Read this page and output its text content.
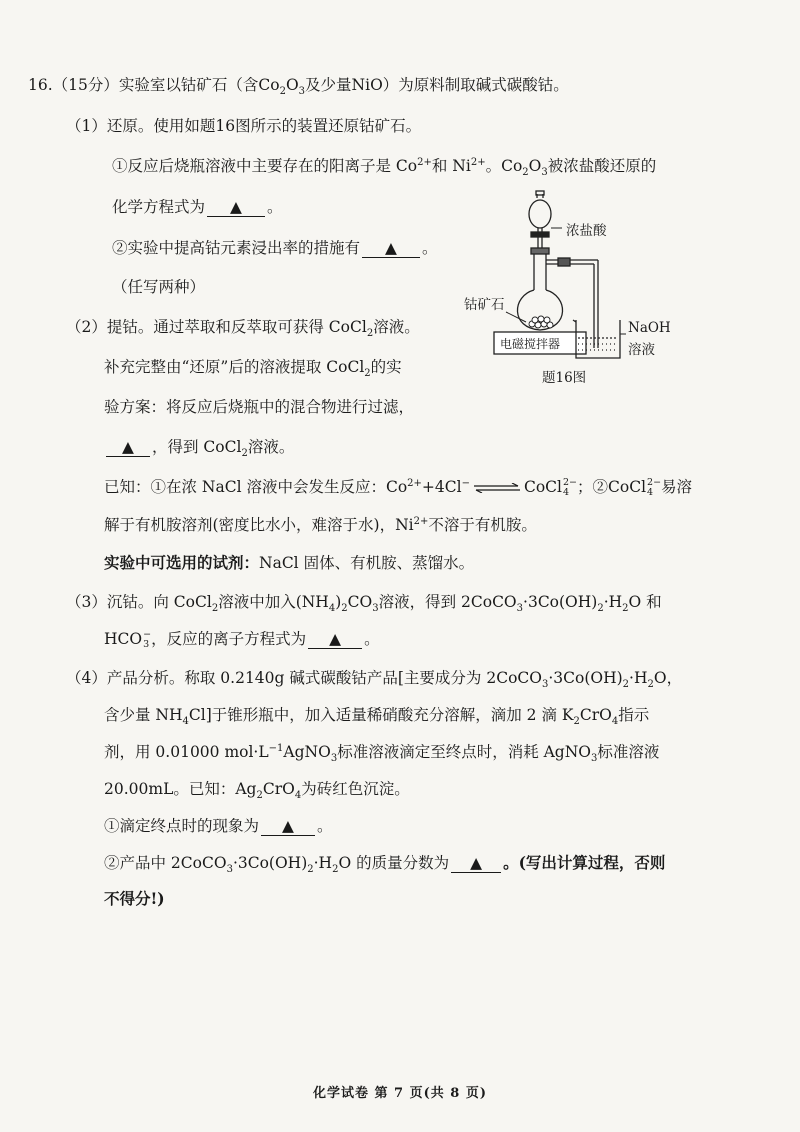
16.（15分）实验室以钴矿石（含$Co_2O_3$及少量NiO）为原料制取碱式碳酸钴。
（1）还原。使用如题16图所示的装置还原钴矿石。
①反应后烧瓶溶液中主要存在的阳离子是 $Co^{2+}$和 $Ni^{2+}$。$Co_2O_3$被浓盐酸还原的
化学方程式为 ▲ 。
②实验中提高钴元素浸出率的措施有 ▲ 。
（任写两种）
（2）提钴。通过萃取和反萃取可获得 CoCl$_2$溶液。
补充完整由“还原”后的溶液提取 CoCl$_2$的实
验方案：将反应后烧瓶中的混合物进行过滤，
▲ ，得到 CoCl$_2$溶液。
已知：①在浓 NaCl 溶液中会发生反应：$Co^{2+}+4Cl^-$ ⇌ CoCl 2−
4 ；②CoCl 2−
4 易溶
解于有机胺溶剂(密度比水小，难溶于水)，$Ni^{2+}$不溶于有机胺。
实验中可选用的试剂：NaCl 固体、有机胺、蒸馏水。
（3）沉钴。向 CoCl$_2$溶液中加入$(NH_4)_2CO_3$溶液，得到 $2CoCO_3\cdot 3Co(OH)_2\cdot H_2O$ 和
HCO −
3 ，反应的离子方程式为 ▲ 。
（4）产品分析。称取 0.2140g 碱式碳酸钴产品[主要成分为 $2CoCO_3\cdot 3Co(OH)_2\cdot H_2O$，
含少量 $NH_4Cl$]于锥形瓶中，加入适量稀硝酸充分溶解，滴加 2 滴 $K_2CrO_4$指示
剂，用 0.01000 $mol\cdot L^{-1}AgNO_3$标准溶液滴定至终点时，消耗 AgNO$_3$标准溶液
20.00mL。已知：$Ag_2CrO_4$为砖红色沉淀。
①滴定终点时的现象为 ▲ 。
②产品中 $2CoCO_3\cdot 3Co(OH)_2\cdot H_2O$ 的质量分数为 ▲ 。(写出计算过程，否则
不得分!)
浓盐酸
钴矿石
NaOH
溶液
电磁搅拌器
题16图
化学试卷 第 7 页(共 8 页)
